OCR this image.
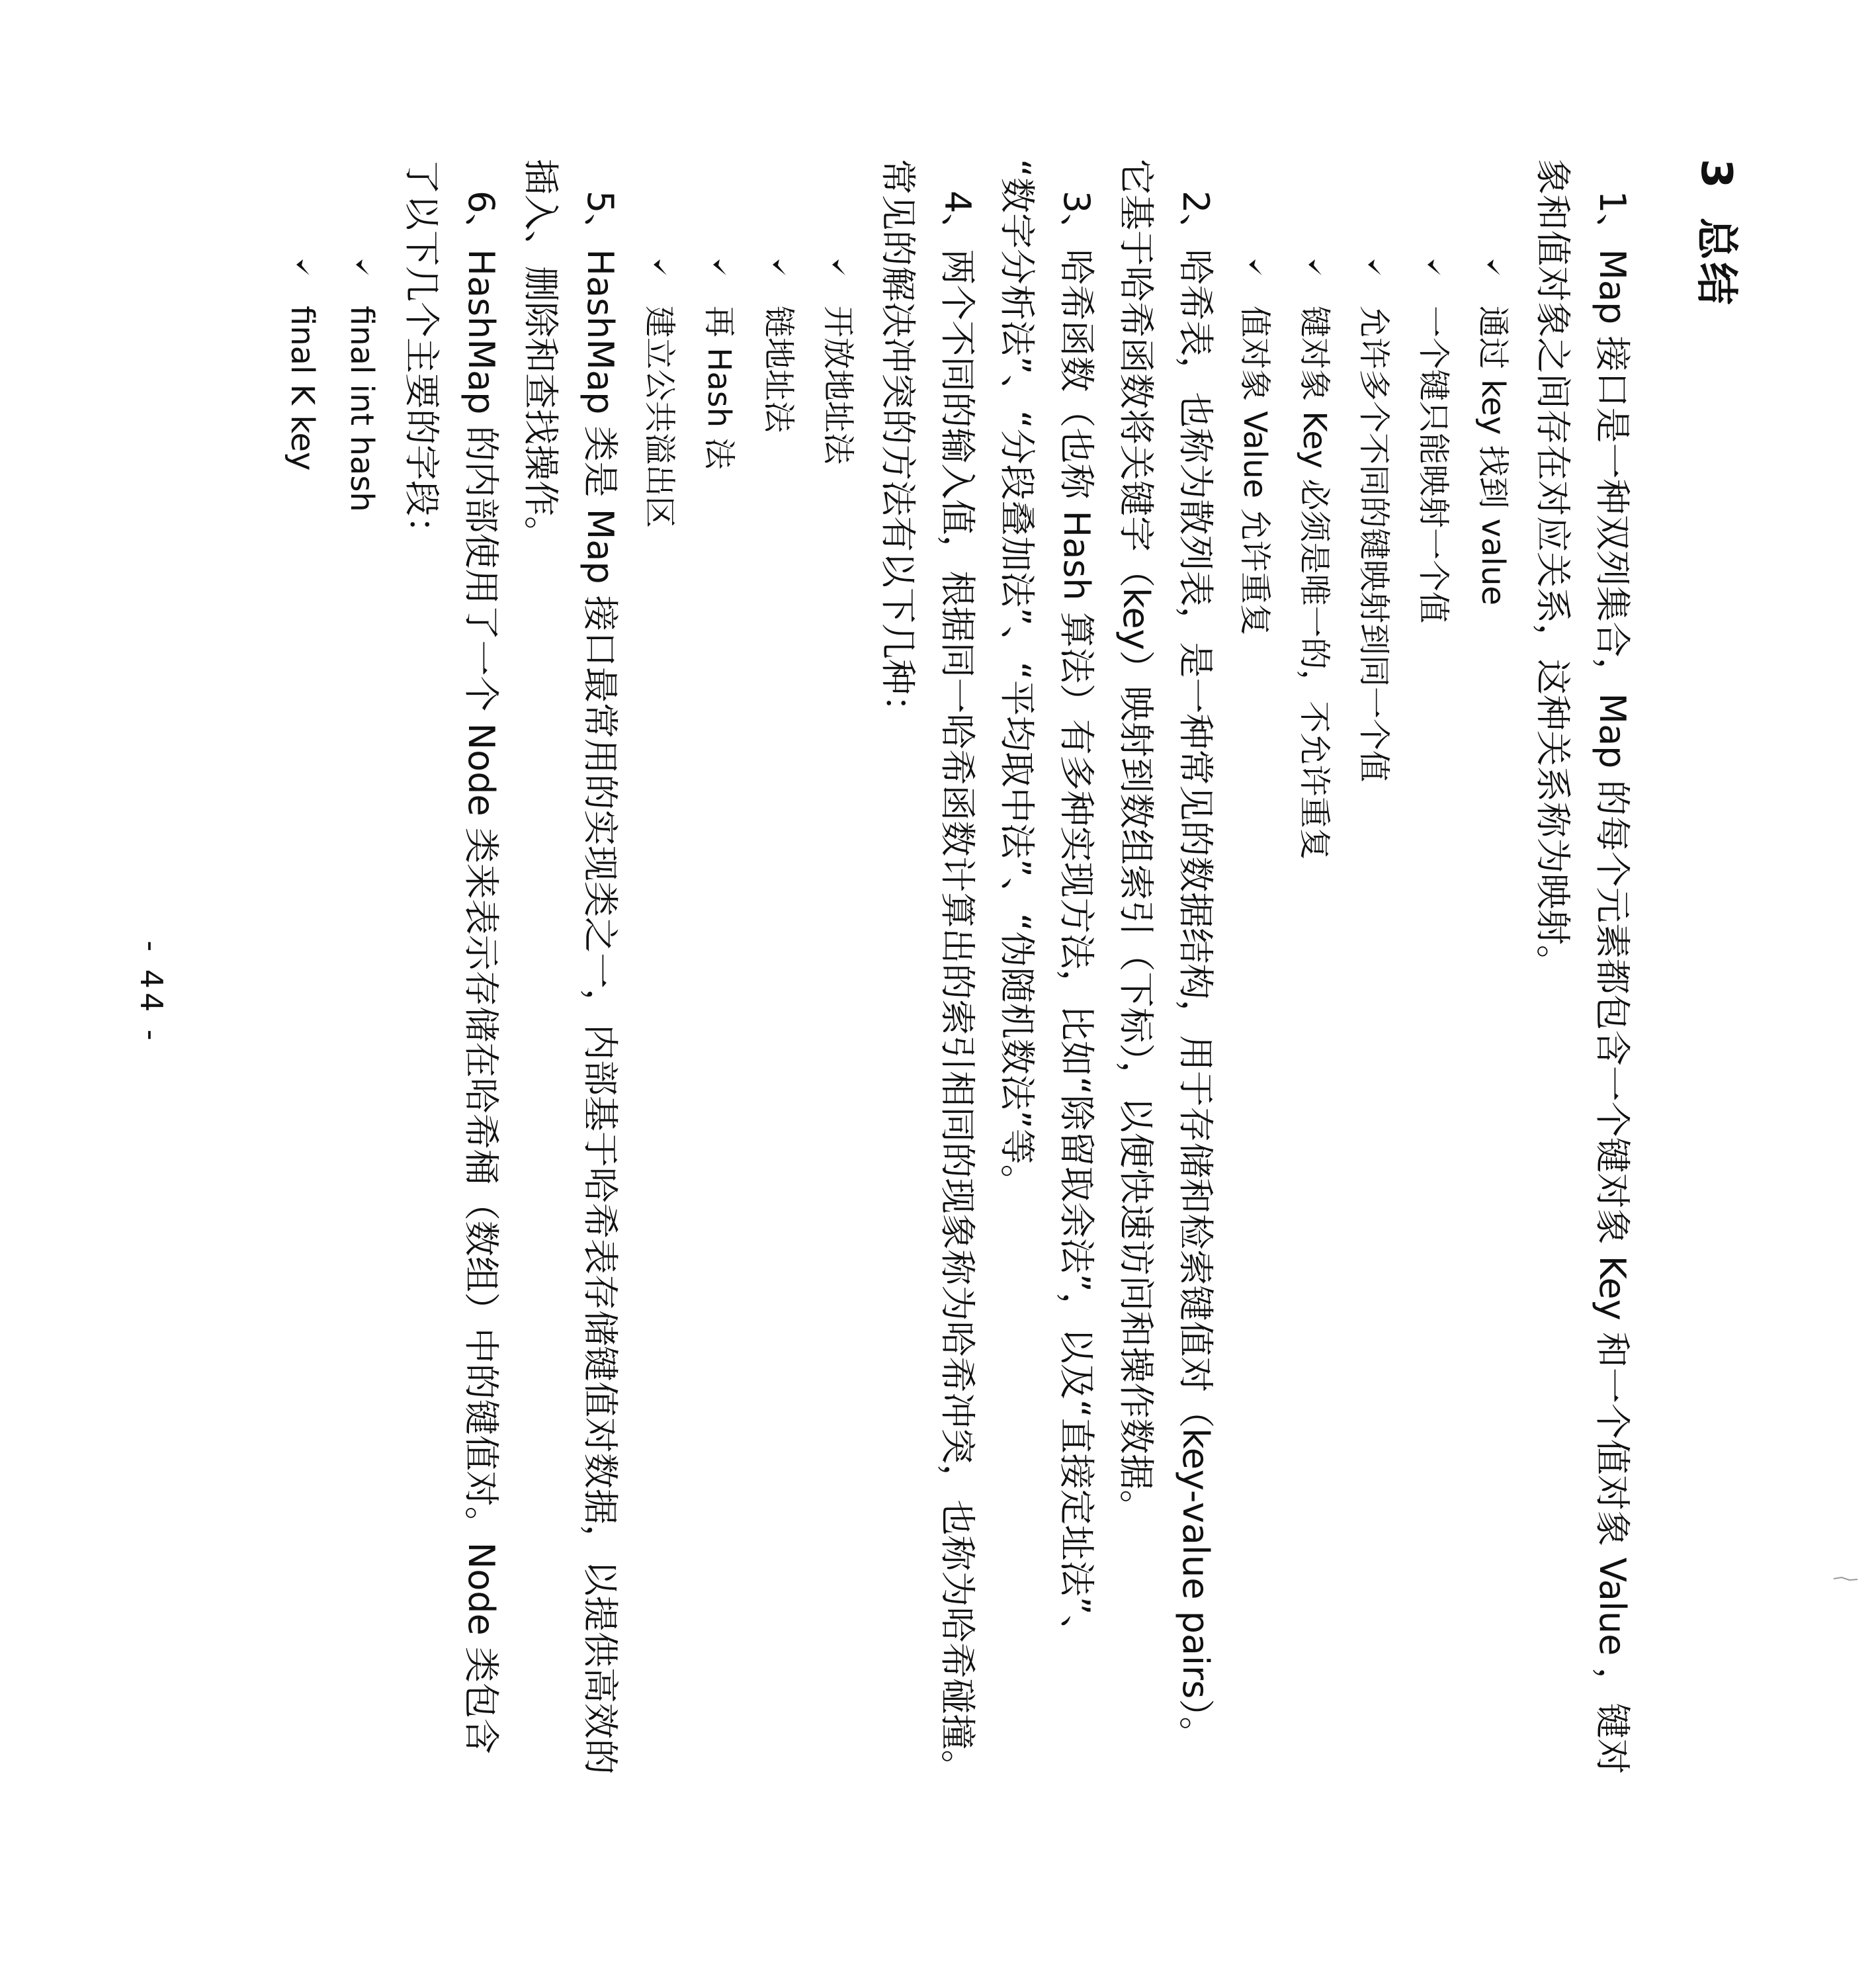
3总结

1、Map 接口是一种双列集合，Map 的每个元素都包含一个键对象 Key 和一个值对象 Value ，键对

象和值对象之间存在对应关系，这种关系称为映射。

通过 key 找到 value
一个键只能映射一个值
允许多个不同的键映射到同一个值
键对象 Key 必须是唯一的，不允许重复
值对象 Value 允许重复

2、哈希表，也称为散列表，是一种常见的数据结构，用于存储和检索键值对（key-value pairs）。

它基于哈希函数将关键字（key）映射到数组索引（下标），以便快速访问和操作数据。

3、哈希函数（也称 Hash 算法）有多种实现方法，比如“除留取余法”，以及“直接定址法”、

“数字分析法”、“分段叠加法”、“平均取中法”、“伪随机数法”等。

4、两个不同的输入值，根据同一哈希函数计算出的索引相同的现象称为哈希冲突，也称为哈希碰撞。

常见的解决冲突的方法有以下几种：

开放地址法
链地址法
再 Hash 法
建立公共溢出区

5、HashMap 类是 Map 接口最常用的实现类之一，内部基于哈希表存储键值对数据，以提供高效的

插入、删除和查找操作。

6、HashMap 的内部使用了一个 Node 类来表示存储在哈希桶（数组）中的键值对。Node 类包含

了以下几个主要的字段：

final int hash
final K key
- 44 -
